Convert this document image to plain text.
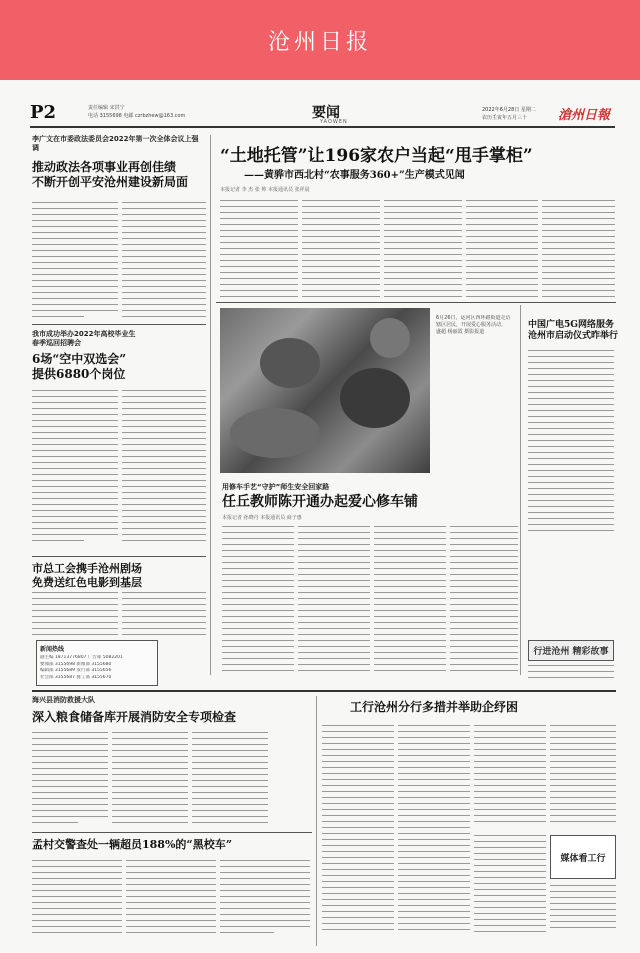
沧州日报
P2	责任编辑 宋洪宁
电话 3155698 电邮 czrbzhew@163.com	要闻
YAOWEN
2022年6月28日 星期二
农历壬寅年五月三十	滄州日報
李广文在市委政法委员会2022年第一次全体会议上强调
推动政法各项事业再创佳绩
不断开创平安沧州建设新局面
我市成功举办2022年高校毕业生
春季巡回招聘会
6场“空中双选会”
提供6880个岗位
市总工会携手沧州剧场
免费送红色电影到基层
新闻热线
副主编 18713776807 广告部 5082201
要闻部 3155698 新闻部 3155680
编辑部 3155689 发行部 3155656
社会部 3155687 群工部 3155670
“土地托管”让196家农户当起“甩手掌柜”
——黄骅市西北村“农事服务360+”生产模式见闻
本报记者 李 杰 张 帅 本报通讯员 张祥晨
6月26日，运河区西环路街道走访辖区居民，开展爱心服务活动。 盛超 杨丽霞 摄影报道
中国广电5G网络服务
沧州市启动仪式昨举行
用修车手艺“守护”师生安全回家路
任丘教师陈开通办起爱心修车铺
本报记者 孙晓丹 本报通讯员 商子惠
行进沧州 精彩故事
海兴县消防救援大队
深入粮食储备库开展消防安全专项检查
工行沧州分行多措并举助企纾困
媒体看工行
孟村交警查处一辆超员188%的“黑校车”
